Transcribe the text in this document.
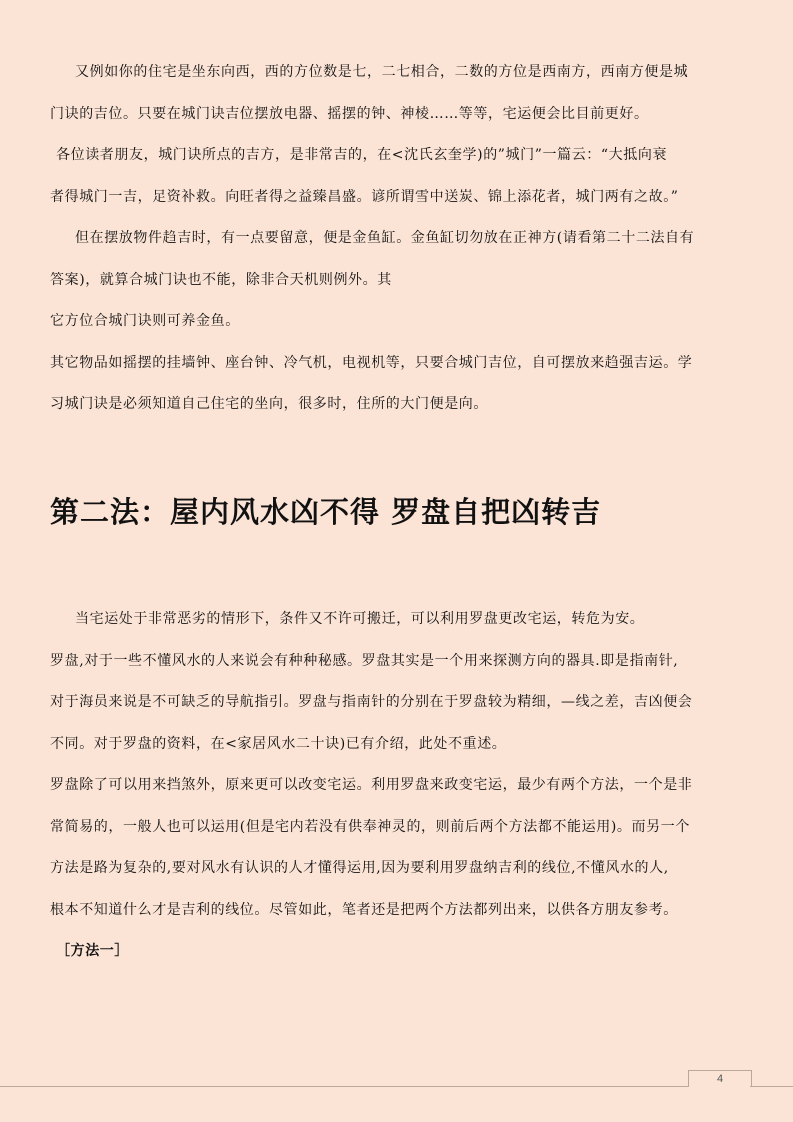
又例如你的住宅是坐东向西，西的方位数是七，二七相合，二数的方位是西南方，西南方便是城

门诀的吉位。只要在城门诀吉位摆放电器、摇摆的钟、神棱……等等，宅运便会比目前更好。

各位读者朋友，城门诀所点的吉方，是非常吉的，在<沈氏玄奎学)的”城门”一篇云：“大抵向衰

者得城门一吉，足资补救。向旺者得之益臻昌盛。谚所谓雪中送炭、锦上添花者，城门两有之故。”

但在摆放物件趋吉时，有一点要留意，便是金鱼缸。金鱼缸切勿放在正神方(请看第二十二法自有

答案)，就算合城门诀也不能，除非合天机则例外。其

它方位合城门诀则可养金鱼。

其它物品如摇摆的挂墙钟、座台钟、冷气机，电视机等，只要合城门吉位，自可摆放来趋强吉运。学

习城门诀是必须知道自己住宅的坐向，很多时，住所的大门便是向。

第二法：屋内风水凶不得 罗盘自把凶转吉

当宅运处于非常恶劣的情形下，条件又不许可搬迁，可以利用罗盘更改宅运，转危为安。

罗盘,对于一些不懂风水的人来说会有种种秘感。罗盘其实是一个用来探测方向的器具.即是指南针,

对于海员来说是不可缺乏的导航指引。罗盘与指南针的分别在于罗盘较为精细，—线之差，吉凶便会

不同。对于罗盘的资料，在<家居风水二十诀)已有介绍，此处不重述。

罗盘除了可以用来挡煞外，原来更可以改变宅运。利用罗盘来政变宅运，最少有两个方法，一个是非

常简易的，一般人也可以运用(但是宅内若没有供奉神灵的，则前后两个方法都不能运用)。而另一个

方法是路为复杂的,要对风水有认识的人才懂得运用,因为要利用罗盘纳吉利的线位,不懂风水的人,

根本不知道什么才是吉利的线位。尽管如此，笔者还是把两个方法都列出来，以供各方朋友参考。

［方法一］

4
